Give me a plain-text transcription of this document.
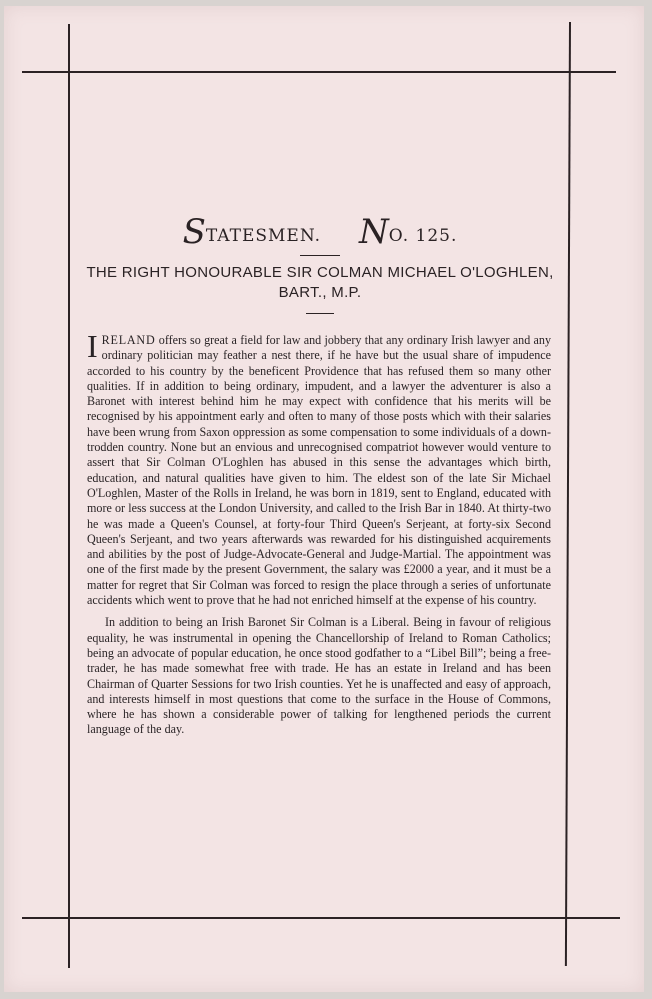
STATESMEN. NO. 125.
THE RIGHT HONOURABLE SIR COLMAN MICHAEL O'LOGHLEN,
BART., M.P.

IRELAND offers so great a field for law and jobbery that any ordinary Irish lawyer and any ordinary politician may feather a nest there, if he have but the usual share of impudence accorded to his country by the beneficent Providence that has refused them so many other qualities. If in addition to being ordinary, impudent, and a lawyer the adventurer is also a Baronet with interest behind him he may expect with confidence that his merits will be recognised by his appointment early and often to many of those posts which with their salaries have been wrung from Saxon oppression as some compensation to some individuals of a down-trodden country. None but an envious and unrecognised compatriot however would venture to assert that Sir Colman O'Loghlen has abused in this sense the advantages which birth, education, and natural qualities have given to him. The eldest son of the late Sir Michael O'Loghlen, Master of the Rolls in Ireland, he was born in 1819, sent to England, educated with more or less success at the London University, and called to the Irish Bar in 1840. At thirty-two he was made a Queen's Counsel, at forty-four Third Queen's Serjeant, at forty-six Second Queen's Serjeant, and two years afterwards was rewarded for his distinguished acquirements and abilities by the post of Judge-Advocate-General and Judge-Martial. The appointment was one of the first made by the present Government, the salary was £2000 a year, and it must be a matter for regret that Sir Colman was forced to resign the place through a series of unfortunate accidents which went to prove that he had not enriched himself at the expense of his country.

In addition to being an Irish Baronet Sir Colman is a Liberal. Being in favour of religious equality, he was instrumental in opening the Chancellorship of Ireland to Roman Catholics; being an advocate of popular education, he once stood godfather to a “Libel Bill”; being a free-trader, he has made somewhat free with trade. He has an estate in Ireland and has been Chairman of Quarter Sessions for two Irish counties. Yet he is unaffected and easy of approach, and interests himself in most questions that come to the surface in the House of Commons, where he has shown a considerable power of talking for lengthened periods the current language of the day.
